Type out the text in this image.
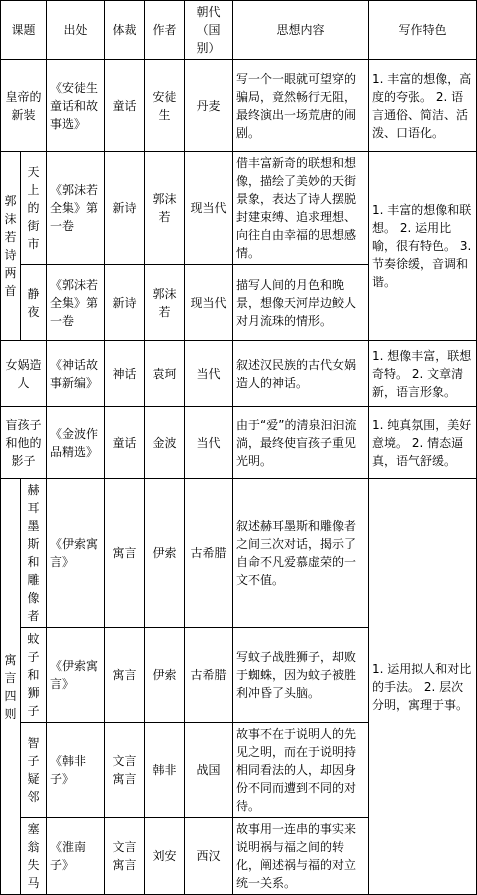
课题		出处	体裁	作者	朝代（国别）	思想内容	写作特色
皇帝的新装		《安徒生童话和故事选》	童话	安徒生	丹麦	写一个一眼就可望穿的骗局，竟然畅行无阻，最终演出一场荒唐的闹剧。	1. 丰富的想像，高度的夸张。 2. 语言通俗、简洁、活泼、口语化。
郭沫若诗两首	天上的街市	《郭沫若全集》第一卷	新诗	郭沫若	现当代	借丰富新奇的联想和想像，描绘了美妙的天街景象，表达了诗人摆脱封建束缚、追求理想、向往自由幸福的思想感情。	1. 丰富的想像和联想。 2. 运用比喻，很有特色。 3. 节奏徐缓，音调和谐。
	静夜	《郭沫若全集》第一卷	新诗	郭沫若	现当代	描写人间的月色和晚景，想像天河岸边鲛人对月流珠的情形。	
女娲造人		《神话故事新编》	神话	袁珂	当代	叙述汉民族的古代女娲造人的神话。	1. 想像丰富，联想奇特。 2. 文章清新，语言形象。
盲孩子和他的影子		《金波作品精选》	童话	金波	当代	由于“爱”的清泉汩汩流淌，最终使盲孩子重见光明。	1. 纯真氛围，美好意境。 2. 情态逼真，语气舒缓。
寓言四则	赫耳墨斯和雕像者	《伊索寓言》	寓言	伊索	古希腊	叙述赫耳墨斯和雕像者之间三次对话，揭示了自命不凡爱慕虚荣的一文不值。	1. 运用拟人和对比的手法。 2. 层次分明，寓理于事。
	蚊子和狮子	《伊索寓言》	寓言	伊索	古希腊	写蚊子战胜狮子，却败于蜘蛛，因为蚊子被胜利冲昏了头脑。	
	智子疑邻	《韩非子》	文言寓言	韩非	战国	故事不在于说明人的先见之明，而在于说明持相同看法的人，却因身份不同而遭到不同的对待。	
	塞翁失马	《淮南子》	文言寓言	刘安	西汉	故事用一连串的事实来说明祸与福之间的转化，阐述祸与福的对立统一关系。	
